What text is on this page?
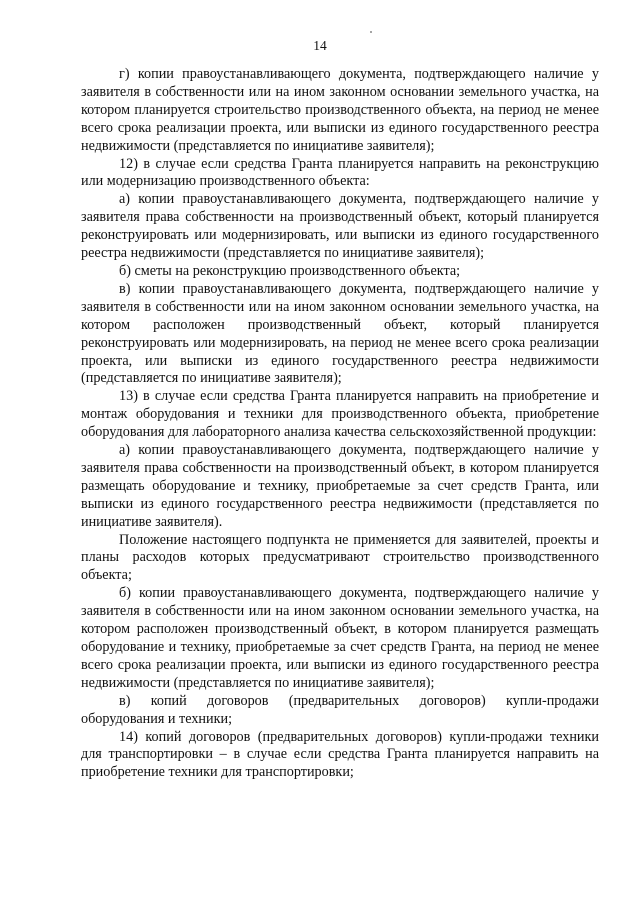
14

г) копии правоустанавливающего документа, подтверждающего наличие у заявителя в собственности или на ином законном основании земельного участка, на котором планируется строительство производственного объекта, на период не менее всего срока реализации проекта, или выписки из единого государственного реестра недвижимости (представляется по инициативе заявителя);

12) в случае если средства Гранта планируется направить на реконструкцию или модернизацию производственного объекта:

а) копии правоустанавливающего документа, подтверждающего наличие у заявителя права собственности на производственный объект, который планируется реконструировать или модернизировать, или выписки из единого государственного реестра недвижимости (представляется по инициативе заявителя);

б) сметы на реконструкцию производственного объекта;

в) копии правоустанавливающего документа, подтверждающего наличие у заявителя в собственности или на ином законном основании земельного участка, на котором расположен производственный объект, который планируется реконструировать или модернизировать, на период не менее всего срока реализации проекта, или выписки из единого государственного реестра недвижимости (представляется по инициативе заявителя);

13) в случае если средства Гранта планируется направить на приобретение и монтаж оборудования и техники для производственного объекта, приобретение оборудования для лабораторного анализа качества сельскохозяйственной продукции:

а) копии правоустанавливающего документа, подтверждающего наличие у заявителя права собственности на производственный объект, в котором планируется размещать оборудование и технику, приобретаемые за счет средств Гранта, или выписки из единого государственного реестра недвижимости (представляется по инициативе заявителя).

Положение настоящего подпункта не применяется для заявителей, проекты и планы расходов которых предусматривают строительство производственного объекта;

б) копии правоустанавливающего документа, подтверждающего наличие у заявителя в собственности или на ином законном основании земельного участка, на котором расположен производственный объект, в котором планируется размещать оборудование и технику, приобретаемые за счет средств Гранта, на период не менее всего срока реализации проекта, или выписки из единого государственного реестра недвижимости (представляется по инициативе заявителя);

в) копий договоров (предварительных договоров) купли-продажи оборудования и техники;

14) копий договоров (предварительных договоров) купли-продажи техники для транспортировки – в случае если средства Гранта планируется направить на приобретение техники для транспортировки;
